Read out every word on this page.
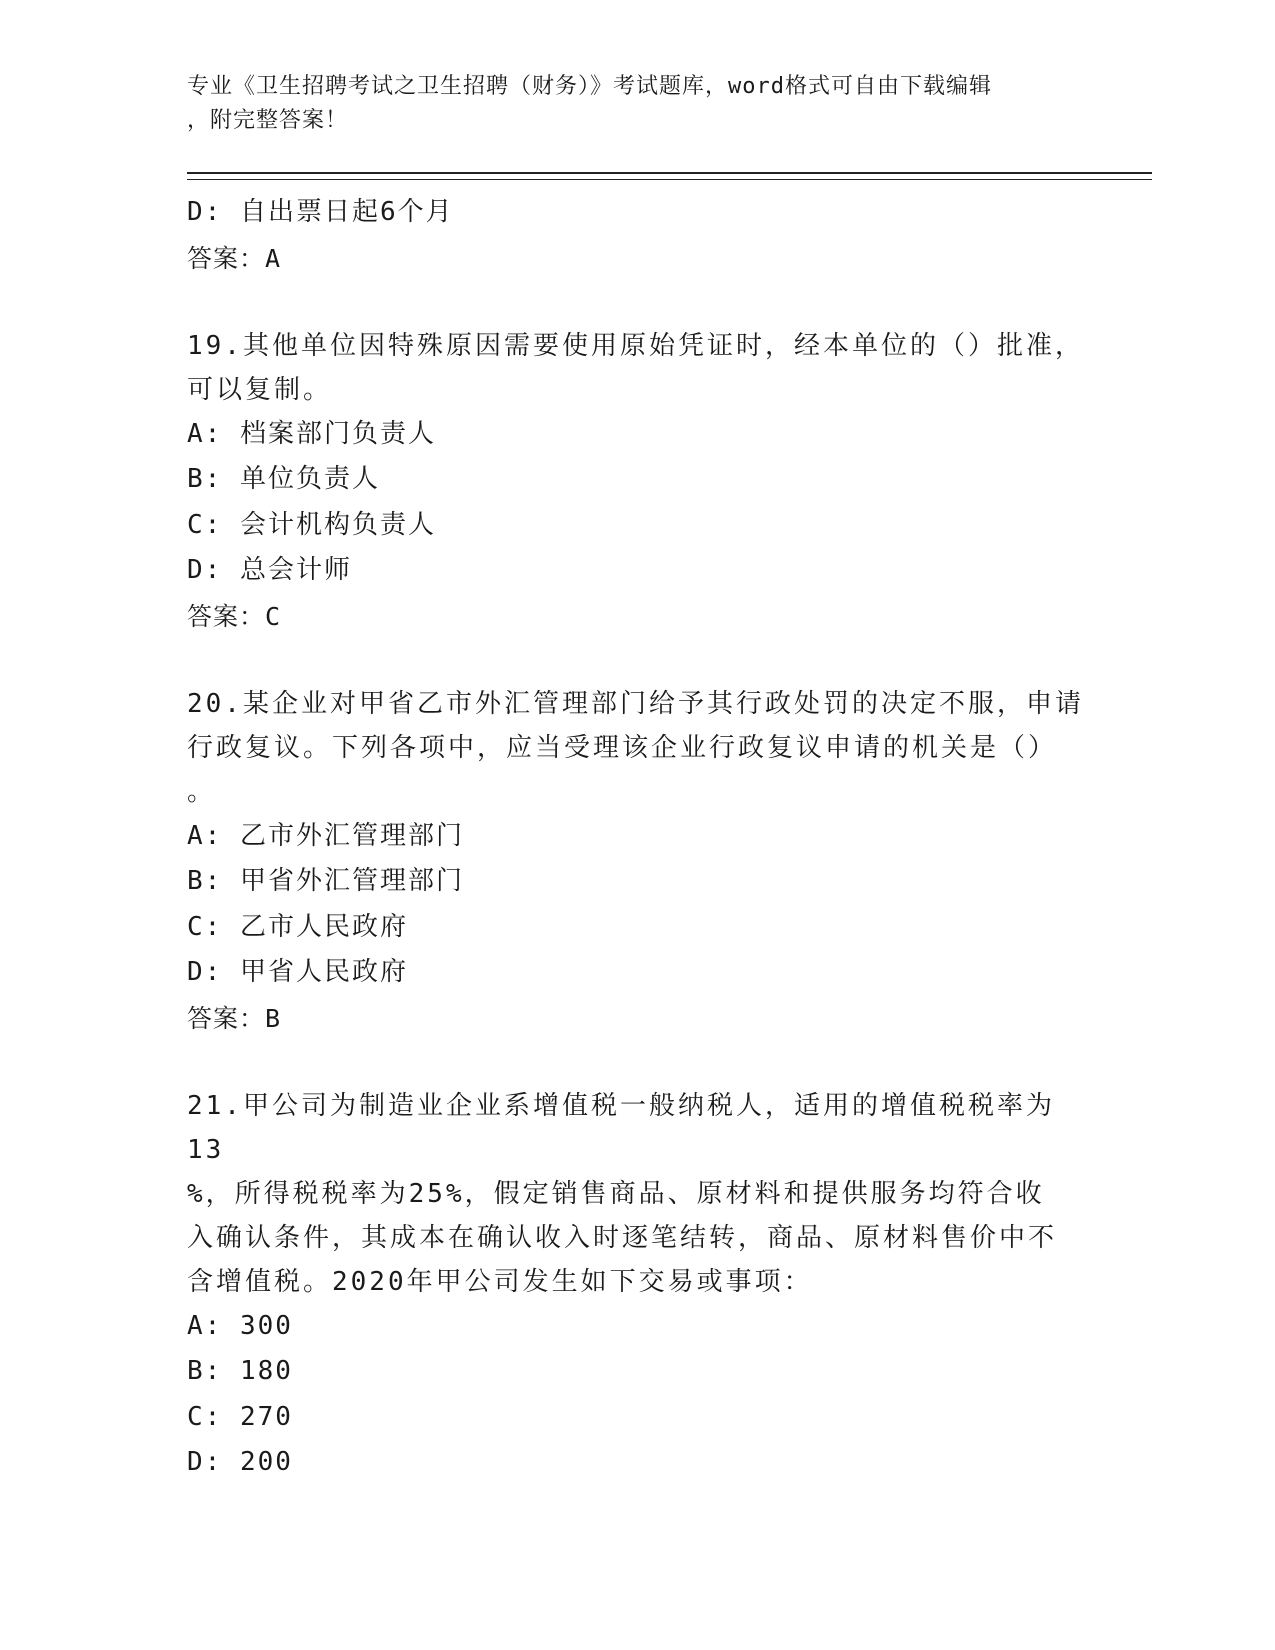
专业《卫生招聘考试之卫生招聘（财务）》考试题库，word格式可自由下载编辑
，附完整答案！
D: 自出票日起6个月
答案：A
19.其他单位因特殊原因需要使用原始凭证时，经本单位的（）批准，
可以复制。
A: 档案部门负责人
B: 单位负责人
C: 会计机构负责人
D: 总会计师
答案：C
20.某企业对甲省乙市外汇管理部门给予其行政处罚的决定不服，申请
行政复议。下列各项中，应当受理该企业行政复议申请的机关是（）
。
A: 乙市外汇管理部门
B: 甲省外汇管理部门
C: 乙市人民政府
D: 甲省人民政府
答案：B
21.甲公司为制造业企业系增值税一般纳税人，适用的增值税税率为13
%，所得税税率为25%，假定销售商品、原材料和提供服务均符合收
入确认条件，其成本在确认收入时逐笔结转，商品、原材料售价中不
含增值税。2020年甲公司发生如下交易或事项：
A: 300
B: 180
C: 270
D: 200
